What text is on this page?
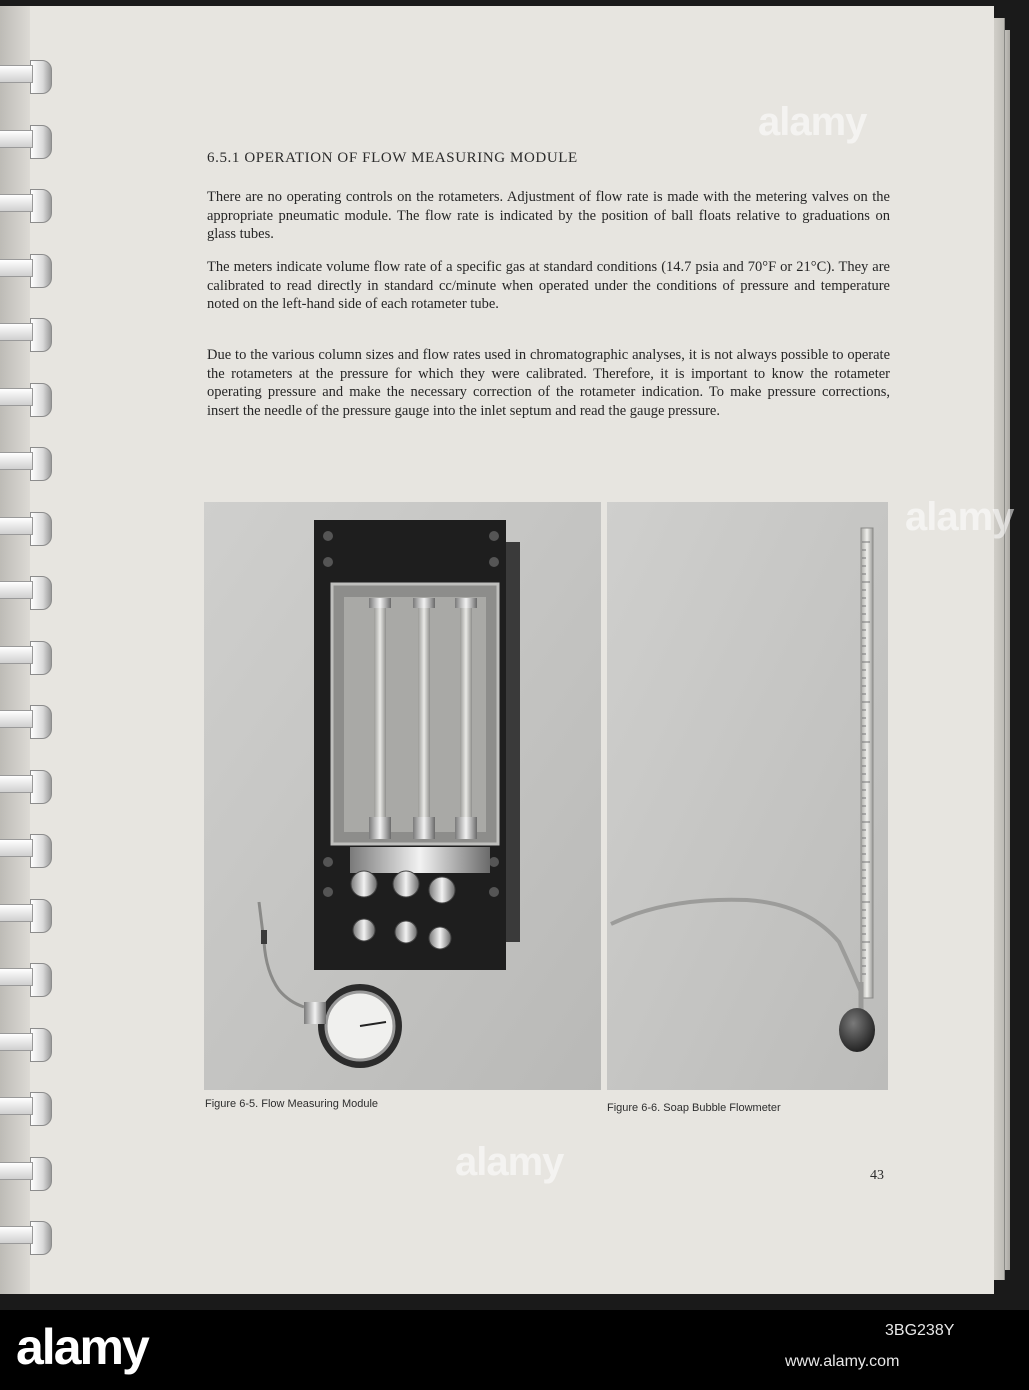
6.5.1 OPERATION OF FLOW MEASURING MODULE

There are no operating controls on the rotameters. Adjustment of flow rate is made with the metering valves on the appropriate pneumatic module. The flow rate is indicated by the position of ball floats relative to graduations on glass tubes.

The meters indicate volume flow rate of a specific gas at standard conditions (14.7 psia and 70°F or 21°C). They are calibrated to read directly in standard cc/minute when operated under the conditions of pressure and temperature noted on the left-hand side of each rotameter tube.

Due to the various column sizes and flow rates used in chromatographic analyses, it is not always possible to operate the rotameters at the pressure for which they were calibrated. Therefore, it is important to know the rotameter operating pressure and make the necessary correction of the rotameter indication. To make pressure corrections, insert the needle of the pressure gauge into the inlet septum and read the gauge pressure.

Figure 6-5. Flow Measuring Module	Figure 6-6. Soap Bubble Flowmeter
43
alamy
alamy
alamy
alamy	3BG238Y
www.alamy.com
